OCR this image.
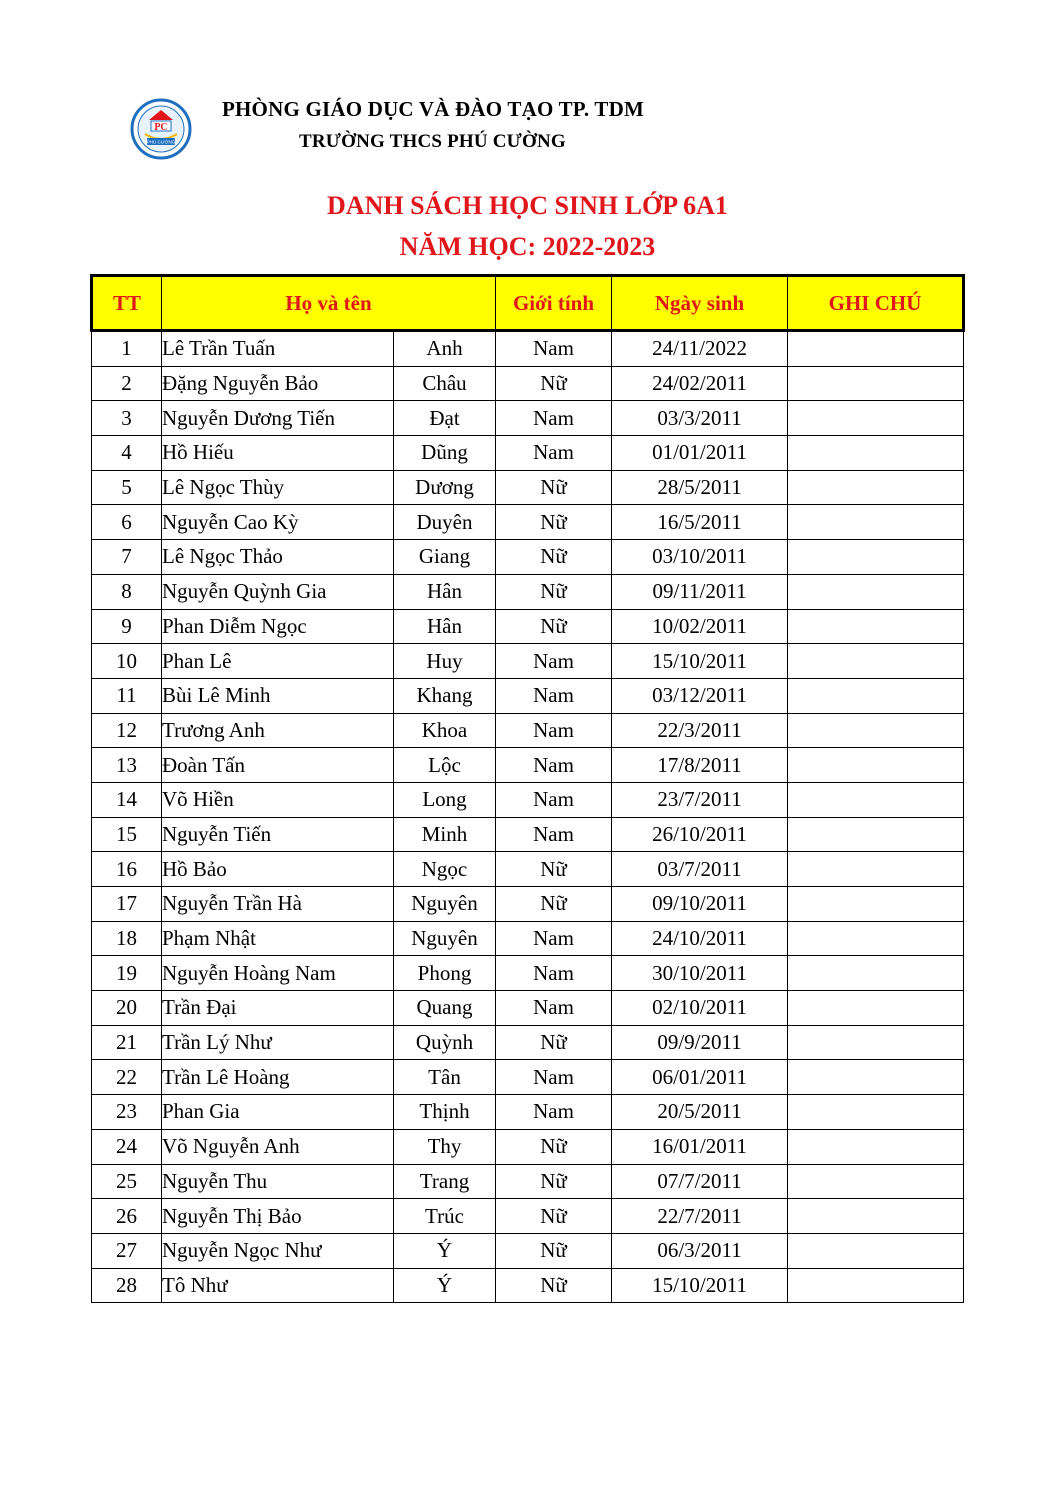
PC
PHÚ CƯỜNG
PHÒNG GIÁO DỤC VÀ ĐÀO TẠO TP. TDM
TRƯỜNG THCS PHÚ CƯỜNG
DANH SÁCH HỌC SINH LỚP 6A1
NĂM HỌC: 2022-2023
TT	Họ và tên		Giới tính	Ngày sinh	GHI CHÚ
1	Lê Trần Tuấn	Anh	Nam	24/11/2022	
2	Đặng Nguyễn Bảo	Châu	Nữ	24/02/2011	
3	Nguyễn Dương Tiến	Đạt	Nam	03/3/2011	
4	Hồ Hiếu	Dũng	Nam	01/01/2011	
5	Lê Ngọc Thùy	Dương	Nữ	28/5/2011	
6	Nguyễn Cao Kỳ	Duyên	Nữ	16/5/2011	
7	Lê Ngọc Thảo	Giang	Nữ	03/10/2011	
8	Nguyễn Quỳnh Gia	Hân	Nữ	09/11/2011	
9	Phan Diễm Ngọc	Hân	Nữ	10/02/2011	
10	Phan Lê	Huy	Nam	15/10/2011	
11	Bùi Lê Minh	Khang	Nam	03/12/2011	
12	Trương Anh	Khoa	Nam	22/3/2011	
13	Đoàn Tấn	Lộc	Nam	17/8/2011	
14	Võ Hiền	Long	Nam	23/7/2011	
15	Nguyễn Tiến	Minh	Nam	26/10/2011	
16	Hồ Bảo	Ngọc	Nữ	03/7/2011	
17	Nguyễn Trần Hà	Nguyên	Nữ	09/10/2011	
18	Phạm Nhật	Nguyên	Nam	24/10/2011	
19	Nguyễn Hoàng Nam	Phong	Nam	30/10/2011	
20	Trần Đại	Quang	Nam	02/10/2011	
21	Trần Lý Như	Quỳnh	Nữ	09/9/2011	
22	Trần Lê Hoàng	Tân	Nam	06/01/2011	
23	Phan Gia	Thịnh	Nam	20/5/2011	
24	Võ Nguyễn Anh	Thy	Nữ	16/01/2011	
25	Nguyễn Thu	Trang	Nữ	07/7/2011	
26	Nguyễn Thị Bảo	Trúc	Nữ	22/7/2011	
27	Nguyễn Ngọc Như	Ý	Nữ	06/3/2011	
28	Tô Như	Ý	Nữ	15/10/2011	
